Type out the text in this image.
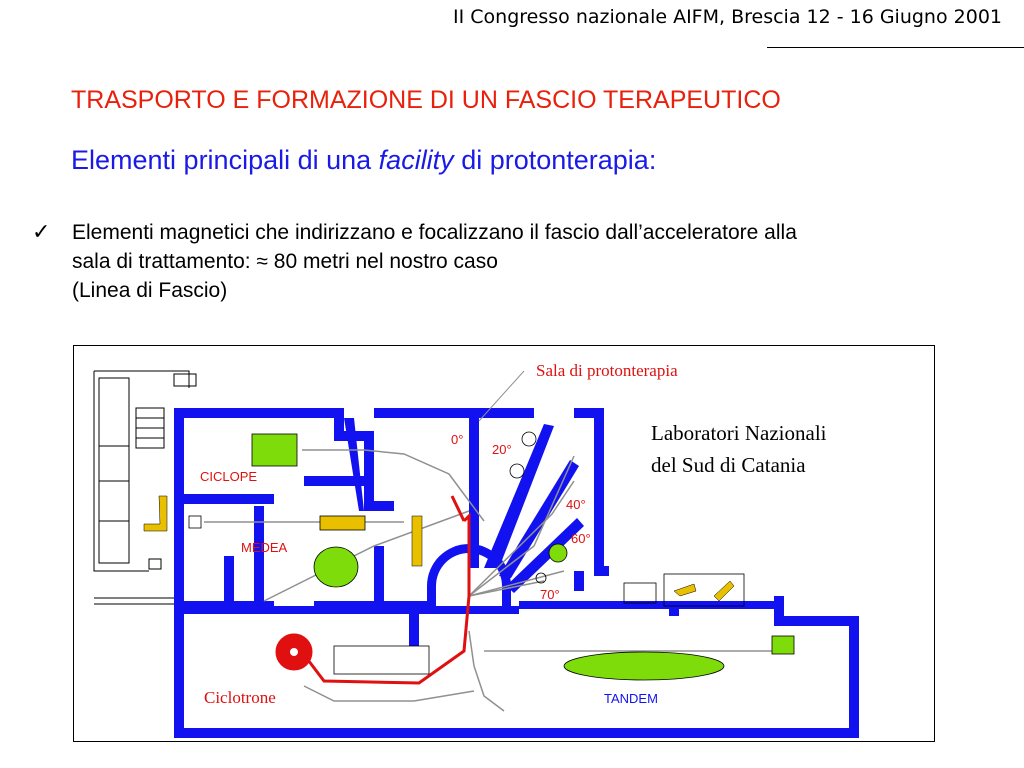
II Congresso nazionale AIFM, Brescia 12 - 16 Giugno 2001
TRASPORTO E FORMAZIONE DI UN FASCIO TERAPEUTICO
Elementi principali di una facility di protonterapia:
✓ Elementi magnetici che indirizzano e focalizzano il fascio dall’acceleratore alla
sala di trattamento: ≈ 80 metri nel nostro caso
(Linea di Fascio)
Sala di protonterapia
Laboratori Nazionali
del Sud di Catania
CICLOPE
MEDEA
Ciclotrone	TANDEM
0°
20°
40°
60°
70°
